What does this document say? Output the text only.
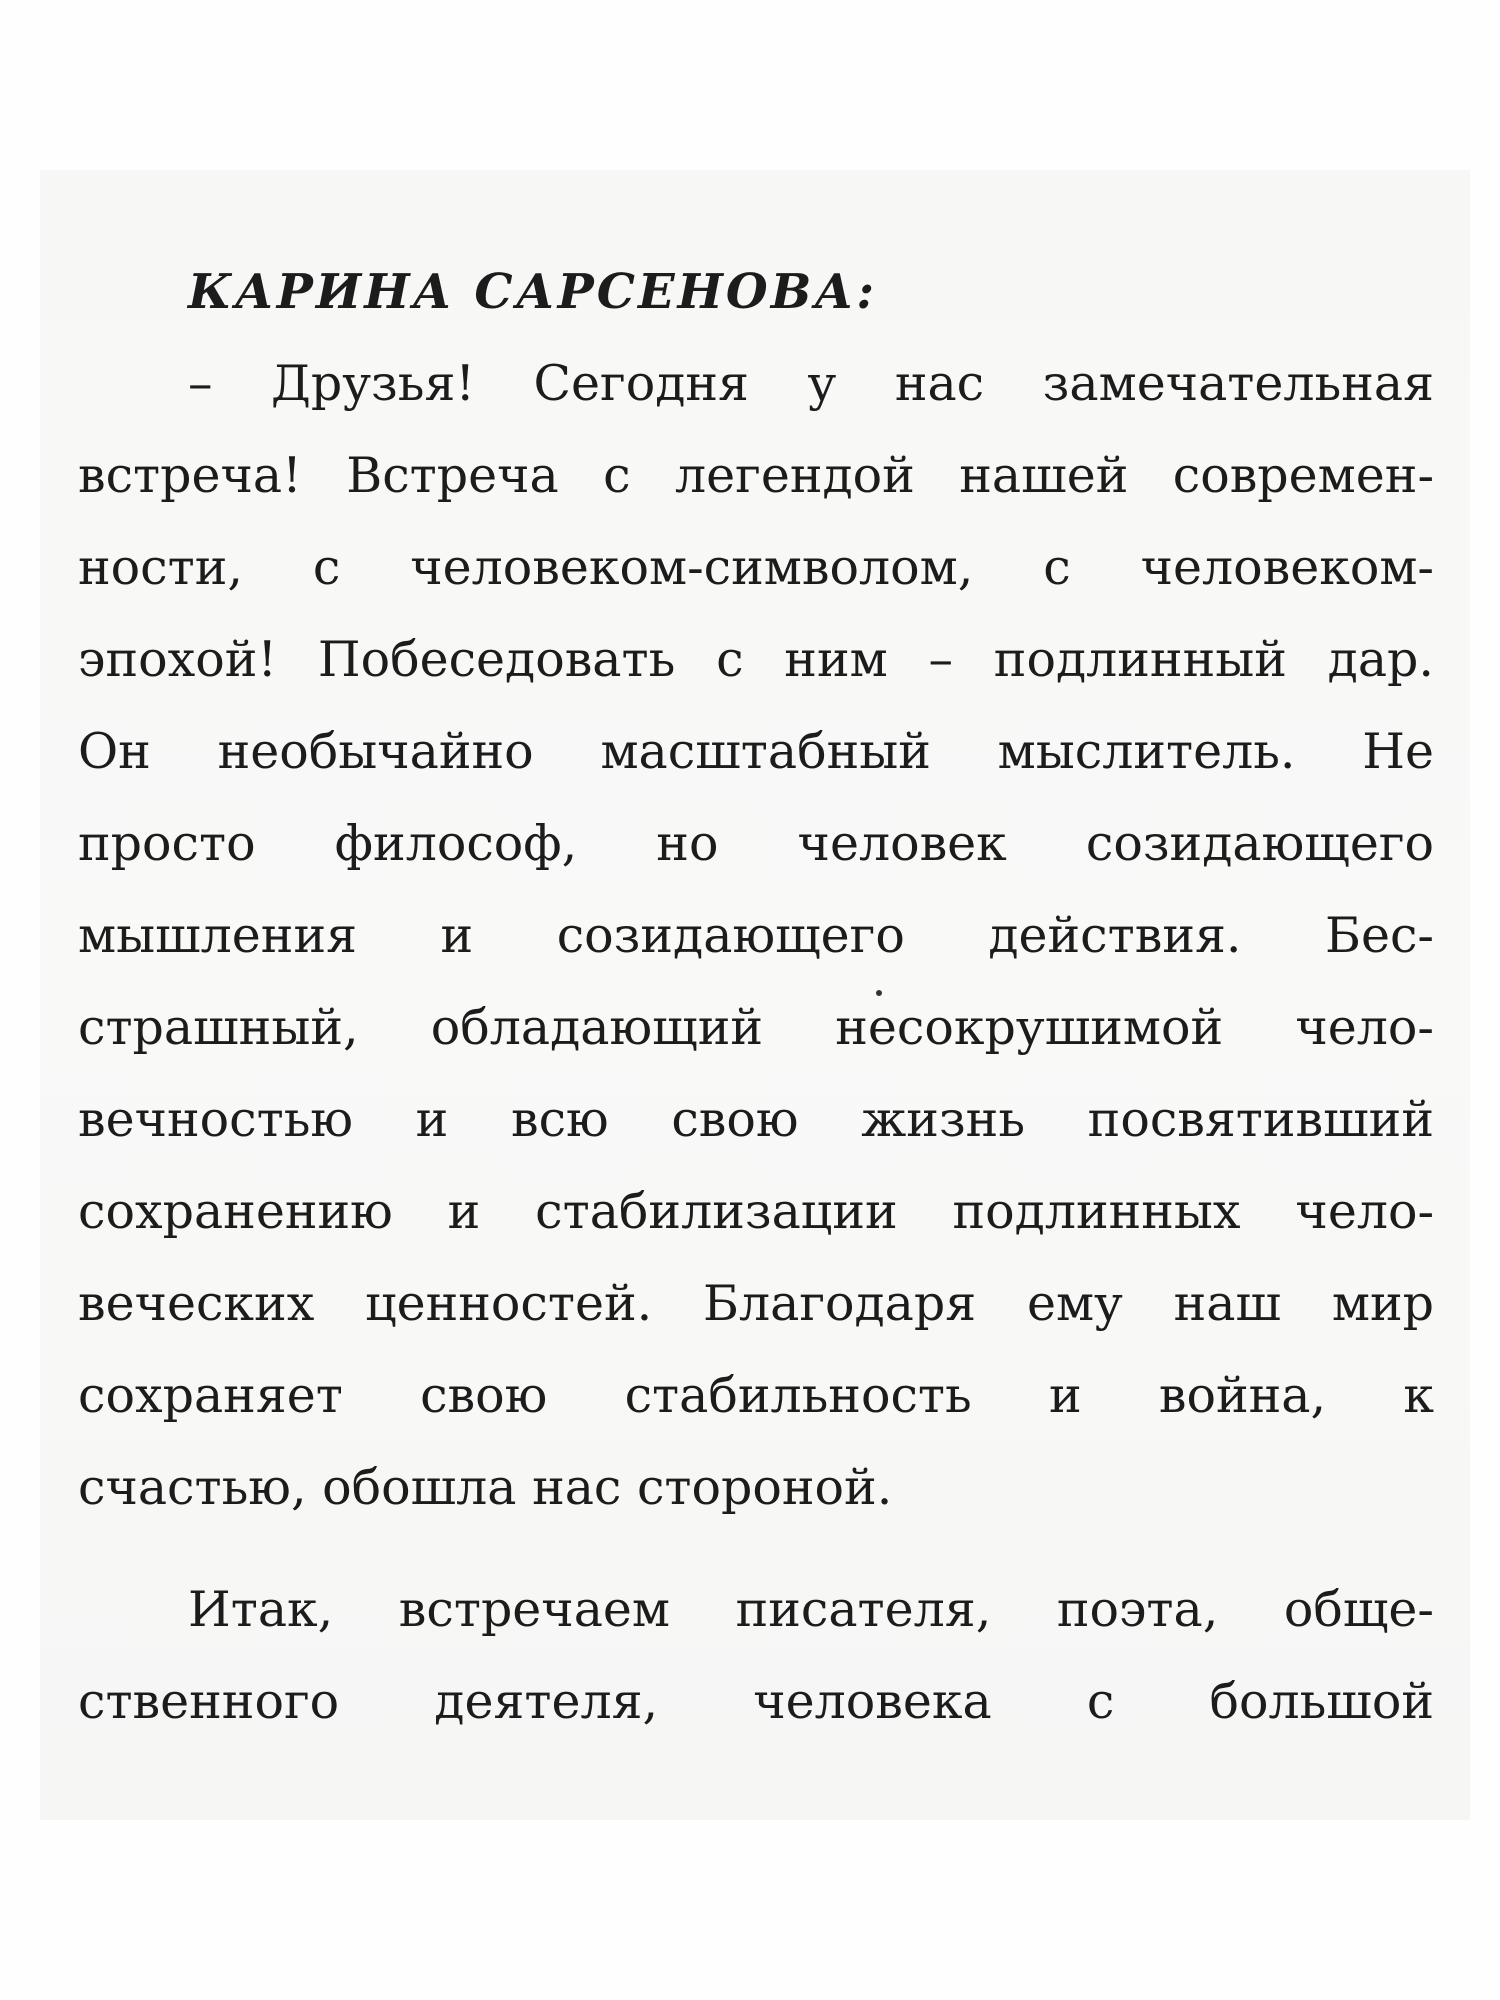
КАРИНА САРСЕНОВА:
– Друзья! Сегодня у нас замечательная
встреча! Встреча с легендой нашей современ-
ности, с человеком-символом, с человеком-
эпохой! Побеседовать с ним – подлинный дар.
Он необычайно масштабный мыслитель. Не
просто философ, но человек созидающего
мышления и созидающего действия. Бес-
страшный, обладающий несокрушимой чело-
вечностью и всю свою жизнь посвятивший
сохранению и стабилизации подлинных чело-
веческих ценностей. Благодаря ему наш мир
сохраняет свою стабильность и война, к
счастью, обошла нас стороной.
Итак, встречаем писателя, поэта, обще-
ственного деятеля, человека с большой
